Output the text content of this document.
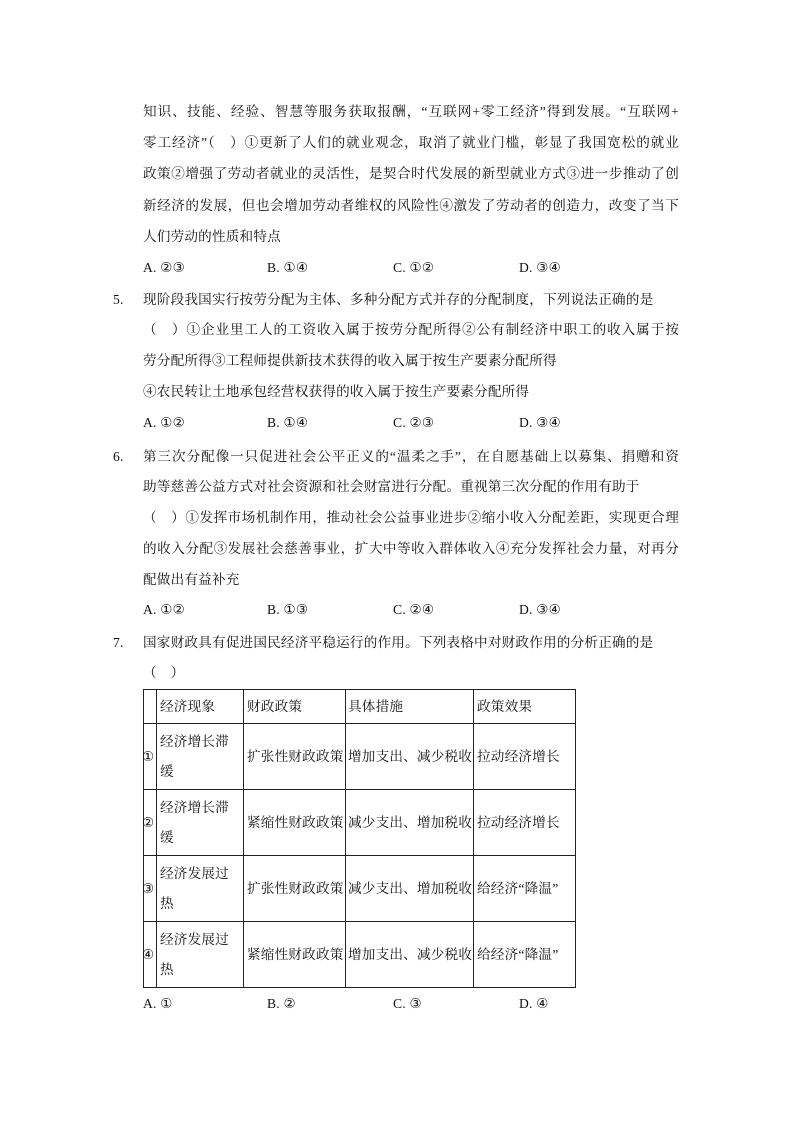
知识、技能、经验、智慧等服务获取报酬，“互联网+零工经济”得到发展。“互联网+
零工经济”（　）①更新了人们的就业观念，取消了就业门槛，彰显了我国宽松的就业
政策②增强了劳动者就业的灵活性，是契合时代发展的新型就业方式③进一步推动了创
新经济的发展，但也会增加劳动者维权的风险性④激发了劳动者的创造力，改变了当下
人们劳动的性质和特点
A. ②③	B. ①④	C. ①②	D. ③④
5. 现阶段我国实行按劳分配为主体、多种分配方式并存的分配制度，下列说法正确的是
（　）①企业里工人的工资收入属于按劳分配所得②公有制经济中职工的收入属于按
劳分配所得③工程师提供新技术获得的收入属于按生产要素分配所得
④农民转让土地承包经营权获得的收入属于按生产要素分配所得
A. ①②	B. ①④	C. ②③	D. ③④
6. 第三次分配像一只促进社会公平正义的“温柔之手”，在自愿基础上以募集、捐赠和资
助等慈善公益方式对社会资源和社会财富进行分配。重视第三次分配的作用有助于
（　）①发挥市场机制作用，推动社会公益事业进步②缩小收入分配差距，实现更合理
的收入分配③发展社会慈善事业，扩大中等收入群体收入④充分发挥社会力量，对再分
配做出有益补充
A. ①②	B. ①③	C. ②④	D. ③④
7. 国家财政具有促进国民经济平稳运行的作用。下列表格中对财政作用的分析正确的是
（　）
	经济现象	财政政策	具体措施	政策效果
①	经济增长滞缓	扩张性财政政策	增加支出、减少税收	拉动经济增长
②	经济增长滞缓	紧缩性财政政策	减少支出、增加税收	拉动经济增长
③	经济发展过热	扩张性财政政策	减少支出、增加税收	给经济“降温”
④	经济发展过热	紧缩性财政政策	增加支出、减少税收	给经济“降温”
A. ①	B. ②	C. ③	D. ④
